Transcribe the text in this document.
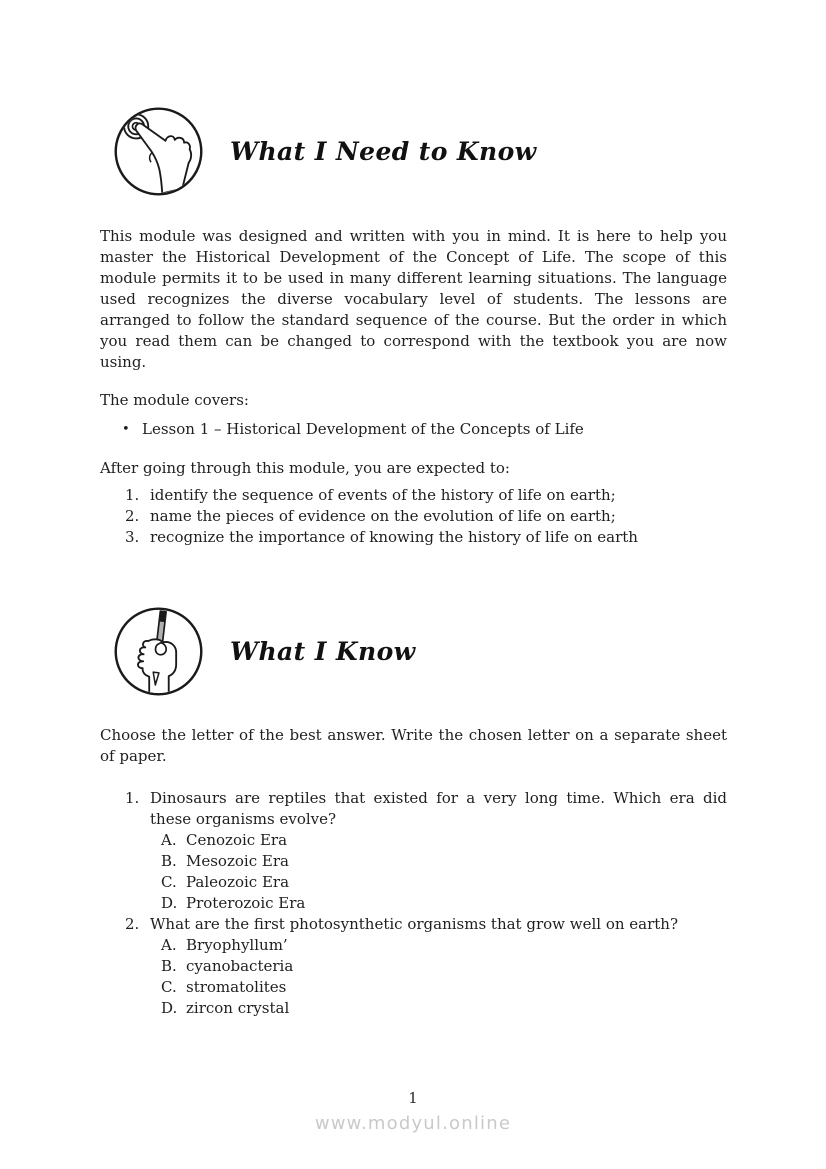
What I Need to Know

This module was designed and written with you in mind. It is here to help you master the Historical Development of the Concept of Life. The scope of this module permits it to be used in many different learning situations. The language used recognizes the diverse vocabulary level of students. The lessons are arranged to follow the standard sequence of the course. But the order in which you read them can be changed to correspond with the textbook you are now using.

The module covers:

• Lesson 1 – Historical Development of the Concepts of Life

After going through this module, you are expected to:

1. identify the sequence of events of the history of life on earth;
2. name the pieces of evidence on the evolution of life on earth;
3. recognize the importance of knowing the history of life on earth
What I Know

Choose the letter of the best answer. Write the chosen letter on a separate sheet of paper.

1. Dinosaurs are reptiles that existed for a very long time. Which era did these organisms evolve?
A. Cenozoic Era
B. Mesozoic Era
C. Paleozoic Era
D. Proterozoic Era
2. What are the first photosynthetic organisms that grow well on earth?
A. Bryophyllum’
B. cyanobacteria
C. stromatolites
D. zircon crystal
1
www.modyul.online
